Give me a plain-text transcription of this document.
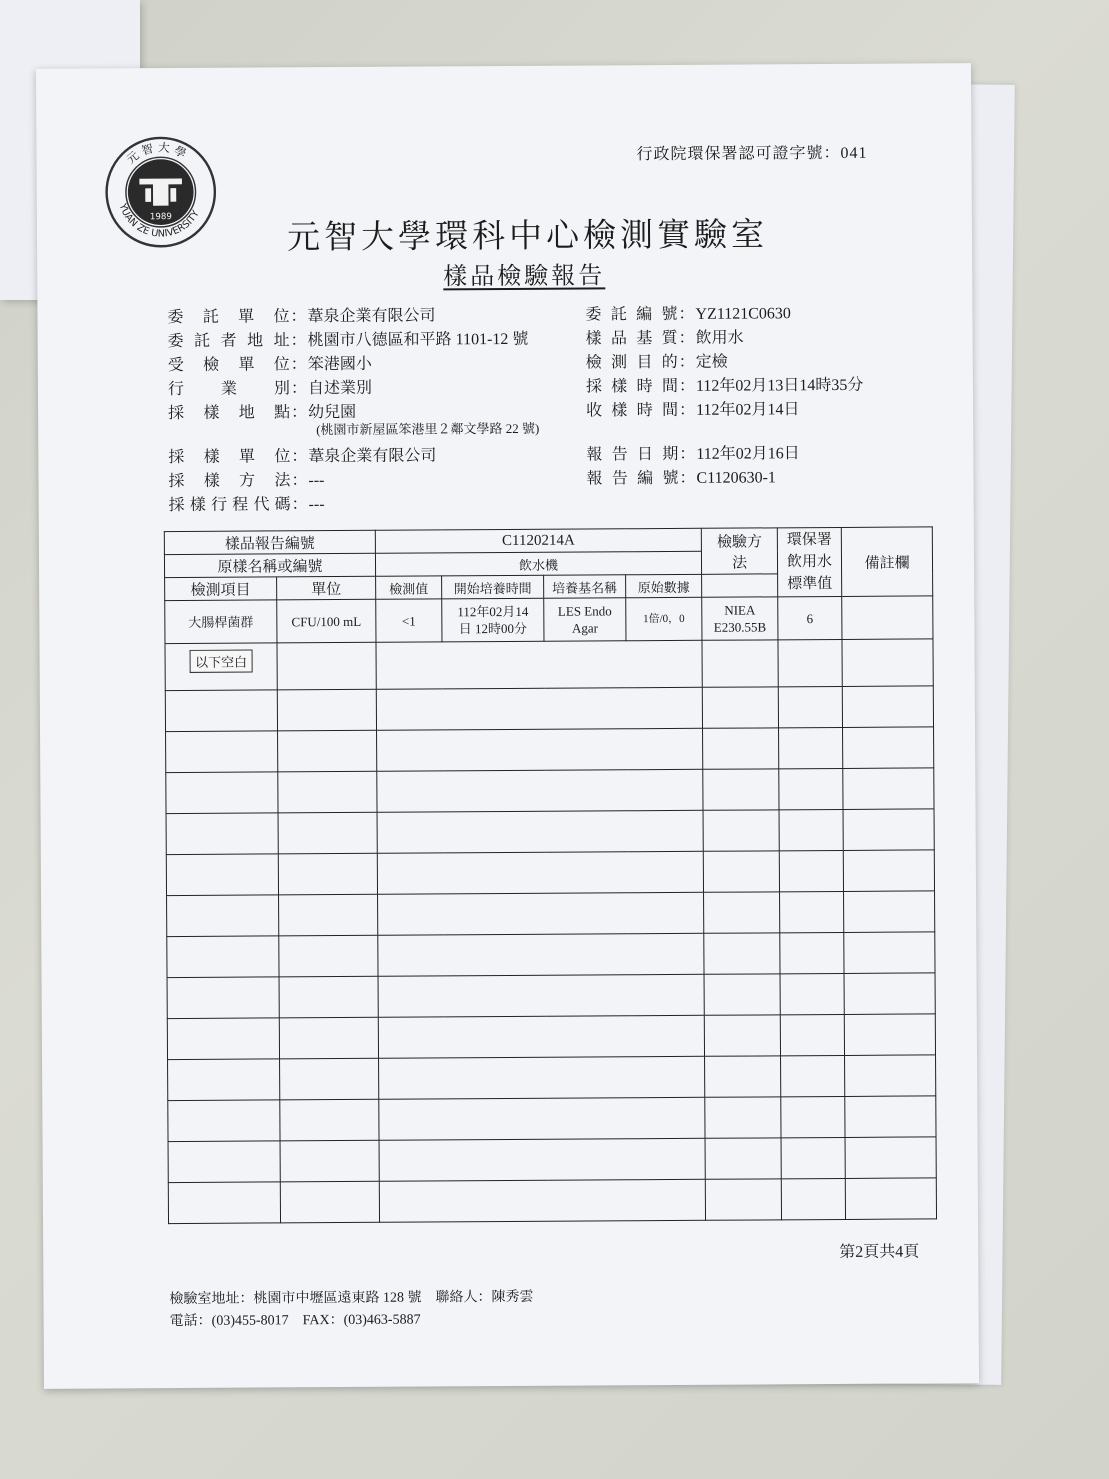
行政院環保署認可證字號：041
元 智 大 學
YUAN ZE UNIVERSITY
1989
元智大學環科中心檢測實驗室
樣品檢驗報告
委託單位：葦泉企業有限公司
委託者地址：桃園市八德區和平路 1101-12 號
受檢單位：笨港國小
行業別：自述業別
採樣地點：幼兒園
(桃園市新屋區笨港里２鄰文學路 22 號)
採樣單位：葦泉企業有限公司
採樣方法：---
採樣行程代碼：---
委託編號：YZ1121C0630
樣品基質：飲用水
檢測目的：定檢
採樣時間：112年02月13日14時35分
收樣時間：112年02月14日
報告日期：112年02月16日
報告編號：C1120630-1
樣品報告編號		C1120214A				檢驗方法	環保署飲用水標準值	備註欄
原樣名稱或編號		飲水機						
檢測項目	單位	檢測值	開始培養時間	培養基名稱	原始數據			
大腸桿菌群	CFU/100 mL	<1	112年02月14日 12時00分	LES Endo Agar	1倍/0，0	NIEA E230.55B	6	
以下空白								

第2頁共4頁
檢驗室地址：桃園市中壢區遠東路 128 號　聯絡人：陳秀雲
電話：(03)455-8017　FAX：(03)463-5887
